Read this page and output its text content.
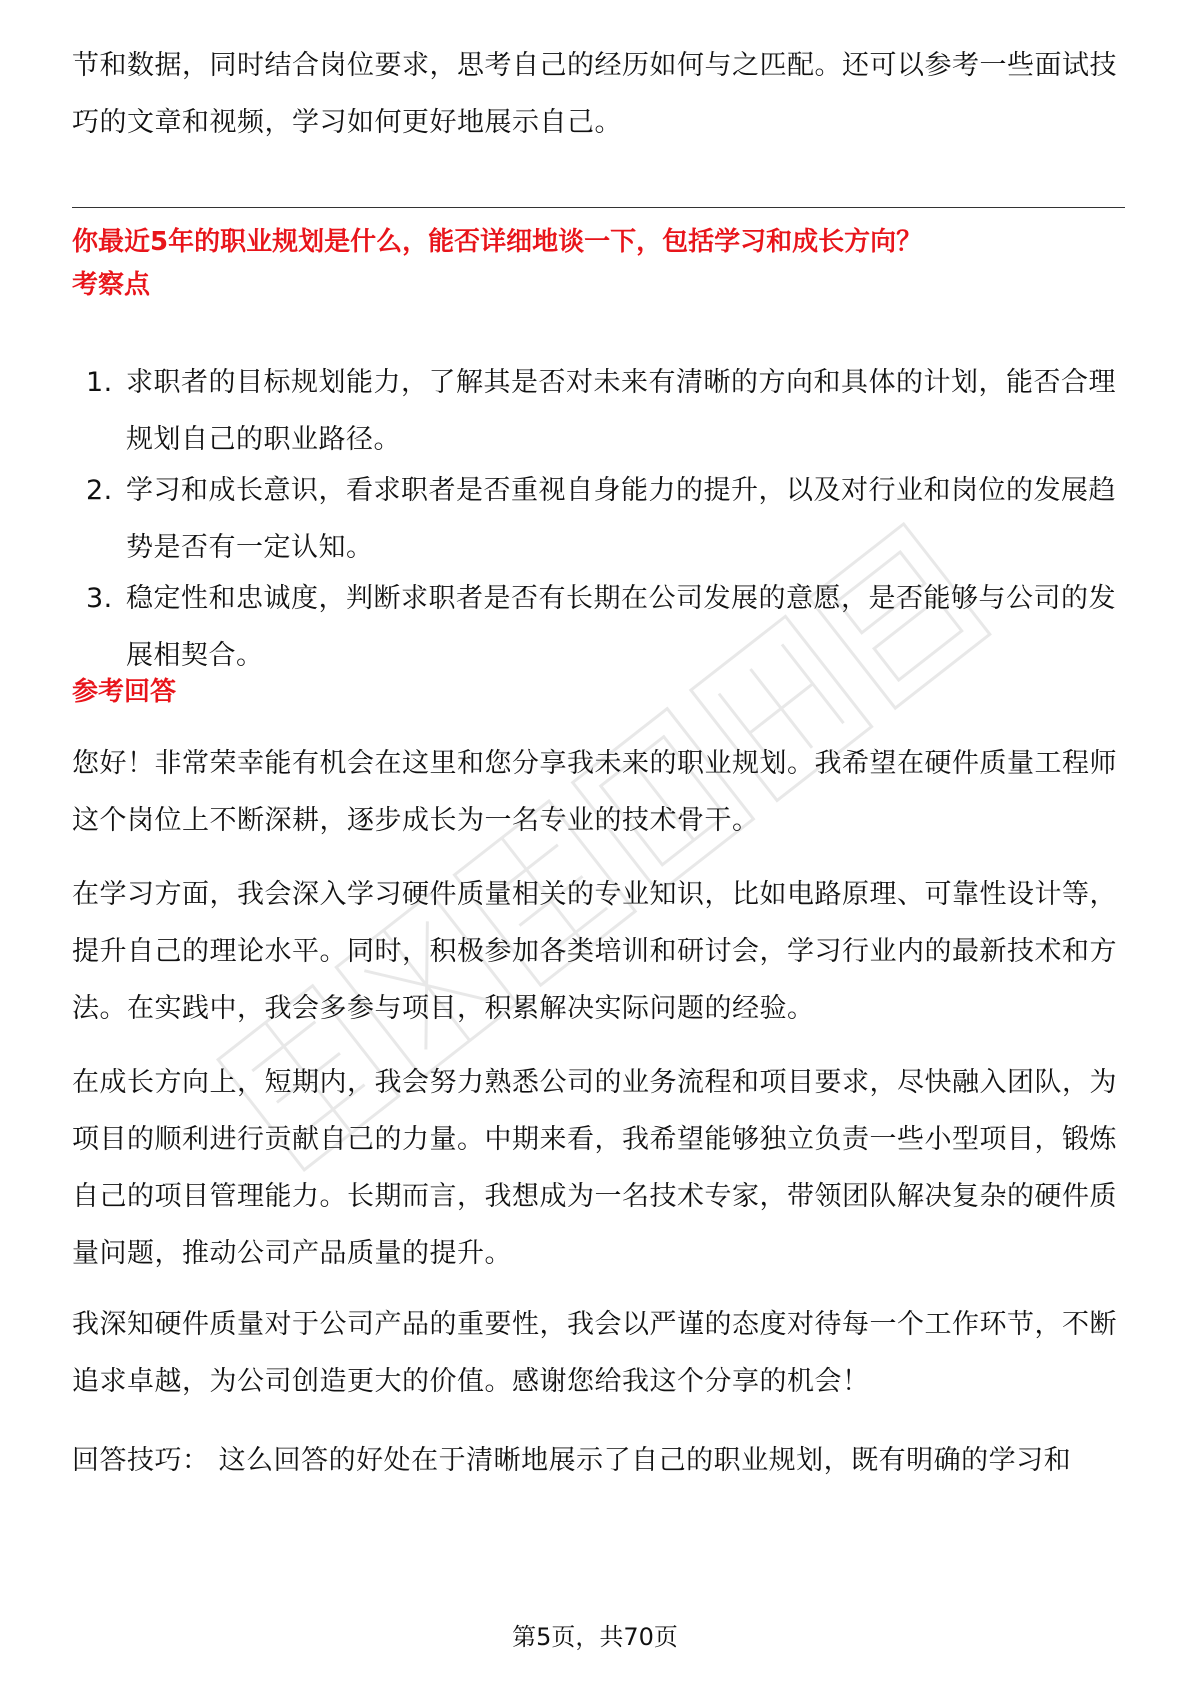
节和数据，同时结合岗位要求，思考自己的经历如何与之匹配。还可以参考一些面试技巧的文章和视频，学习如何更好地展示自己。

你最近5年的职业规划是什么，能否详细地谈一下，包括学习和成长方向？

考察点

1. 求职者的目标规划能力，了解其是否对未来有清晰的方向和具体的计划，能否合理规划自己的职业路径。
2. 学习和成长意识，看求职者是否重视自身能力的提升，以及对行业和岗位的发展趋势是否有一定认知。
3. 稳定性和忠诚度，判断求职者是否有长期在公司发展的意愿，是否能够与公司的发展相契合。

参考回答

您好！非常荣幸能有机会在这里和您分享我未来的职业规划。我希望在硬件质量工程师这个岗位上不断深耕，逐步成长为一名专业的技术骨干。

在学习方面，我会深入学习硬件质量相关的专业知识，比如电路原理、可靠性设计等，提升自己的理论水平。同时，积极参加各类培训和研讨会，学习行业内的最新技术和方法。在实践中，我会多参与项目，积累解决实际问题的经验。

在成长方向上，短期内，我会努力熟悉公司的业务流程和项目要求，尽快融入团队，为项目的顺利进行贡献自己的力量。中期来看，我希望能够独立负责一些小型项目，锻炼自己的项目管理能力。长期而言，我想成为一名技术专家，带领团队解决复杂的硬件质量问题，推动公司产品质量的提升。

我深知硬件质量对于公司产品的重要性，我会以严谨的态度对待每一个工作环节，不断追求卓越，为公司创造更大的价值。感谢您给我这个分享的机会！

回答技巧： 这么回答的好处在于清晰地展示了自己的职业规划，既有明确的学习和

第5页，共70页
